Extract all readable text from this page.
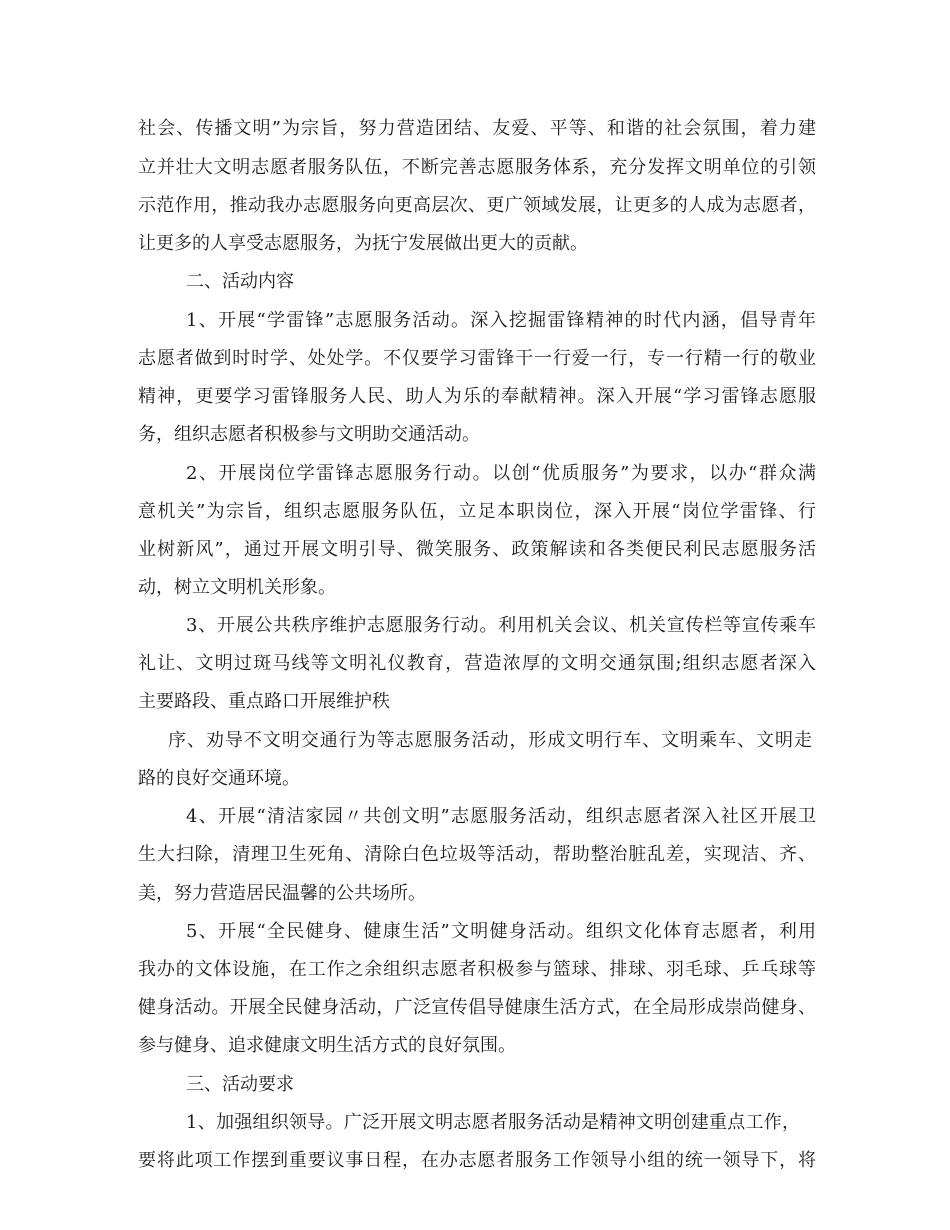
社会、传播文明”为宗旨，努力营造团结、友爱、平等、和谐的社会氛围，着力建
立并壮大文明志愿者服务队伍，不断完善志愿服务体系，充分发挥文明单位的引领
示范作用，推动我办志愿服务向更高层次、更广领域发展，让更多的人成为志愿者，
让更多的人享受志愿服务，为抚宁发展做出更大的贡献。
二、活动内容
1、开展“学雷锋”志愿服务活动。深入挖掘雷锋精神的时代内涵，倡导青年
志愿者做到时时学、处处学。不仅要学习雷锋干一行爱一行，专一行精一行的敬业
精神，更要学习雷锋服务人民、助人为乐的奉献精神。深入开展“学习雷锋志愿服
务，组织志愿者积极参与文明助交通活动。
2、开展岗位学雷锋志愿服务行动。以创“优质服务”为要求，以办“群众满
意机关”为宗旨，组织志愿服务队伍，立足本职岗位，深入开展“岗位学雷锋、行
业树新风”，通过开展文明引导、微笑服务、政策解读和各类便民利民志愿服务活
动，树立文明机关形象。
3、开展公共秩序维护志愿服务行动。利用机关会议、机关宣传栏等宣传乘车
礼让、文明过斑马线等文明礼仪教育，营造浓厚的文明交通氛围;组织志愿者深入
主要路段、重点路口开展维护秩
序、劝导不文明交通行为等志愿服务活动，形成文明行车、文明乘车、文明走
路的良好交通环境。
4、开展“清洁家园〃共创文明”志愿服务活动，组织志愿者深入社区开展卫
生大扫除，清理卫生死角、清除白色垃圾等活动，帮助整治脏乱差，实现洁、齐、
美，努力营造居民温馨的公共场所。
5、开展“全民健身、健康生活”文明健身活动。组织文化体育志愿者，利用
我办的文体设施，在工作之余组织志愿者积极参与篮球、排球、羽毛球、乒乓球等
健身活动。开展全民健身活动，广泛宣传倡导健康生活方式，在全局形成崇尚健身、
参与健身、追求健康文明生活方式的良好氛围。
三、活动要求
1、加强组织领导。广泛开展文明志愿者服务活动是精神文明创建重点工作，
要将此项工作摆到重要议事日程，在办志愿者服务工作领导小组的统一领导下，将
